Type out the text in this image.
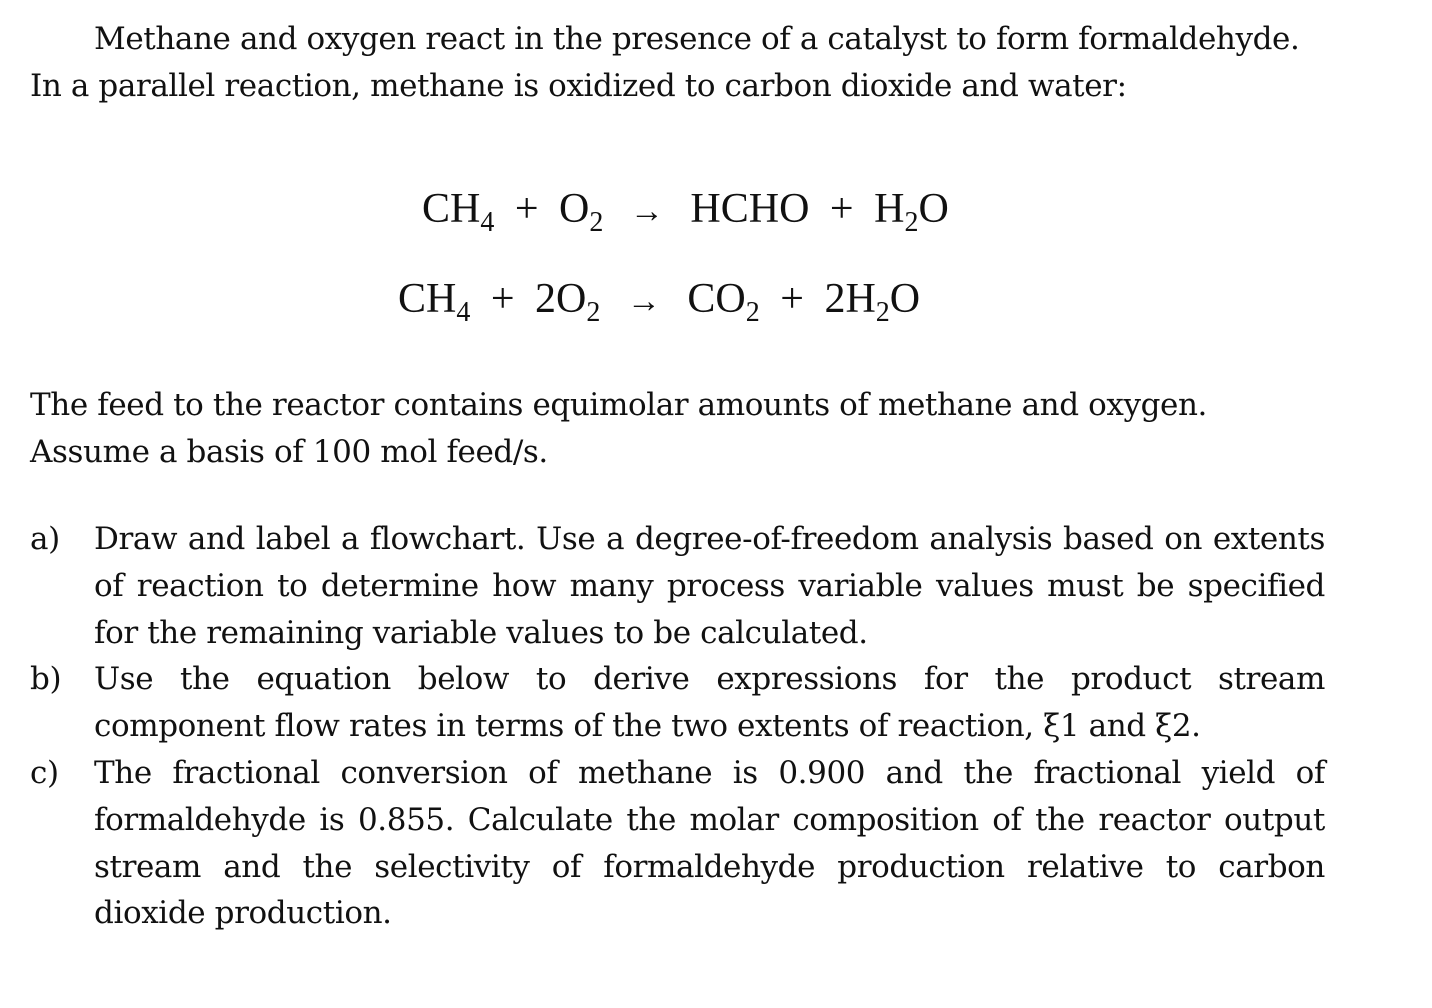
Methane and oxygen react in the presence of a catalyst to form formaldehyde. In a parallel reaction, methane is oxidized to carbon dioxide and water:

$CH_4 + O_2$ → HCHO + $H_2O$
$CH_4 + 2O_2 \to CO_2 + 2H_2O$

The feed to the reactor contains equimolar amounts of methane and oxygen. Assume a basis of 100 mol feed/s.

a) Draw and label a flowchart. Use a degree-of-freedom analysis based on extents of reaction to determine how many process variable values must be specified for the remaining variable values to be calculated.
b) Use the equation below to derive expressions for the product stream component flow rates in terms of the two extents of reaction, ξ1 and ξ2.
c) The fractional conversion of methane is 0.900 and the fractional yield of formaldehyde is 0.855. Calculate the molar composition of the reactor output stream and the selectivity of formaldehyde production relative to carbon dioxide production.
